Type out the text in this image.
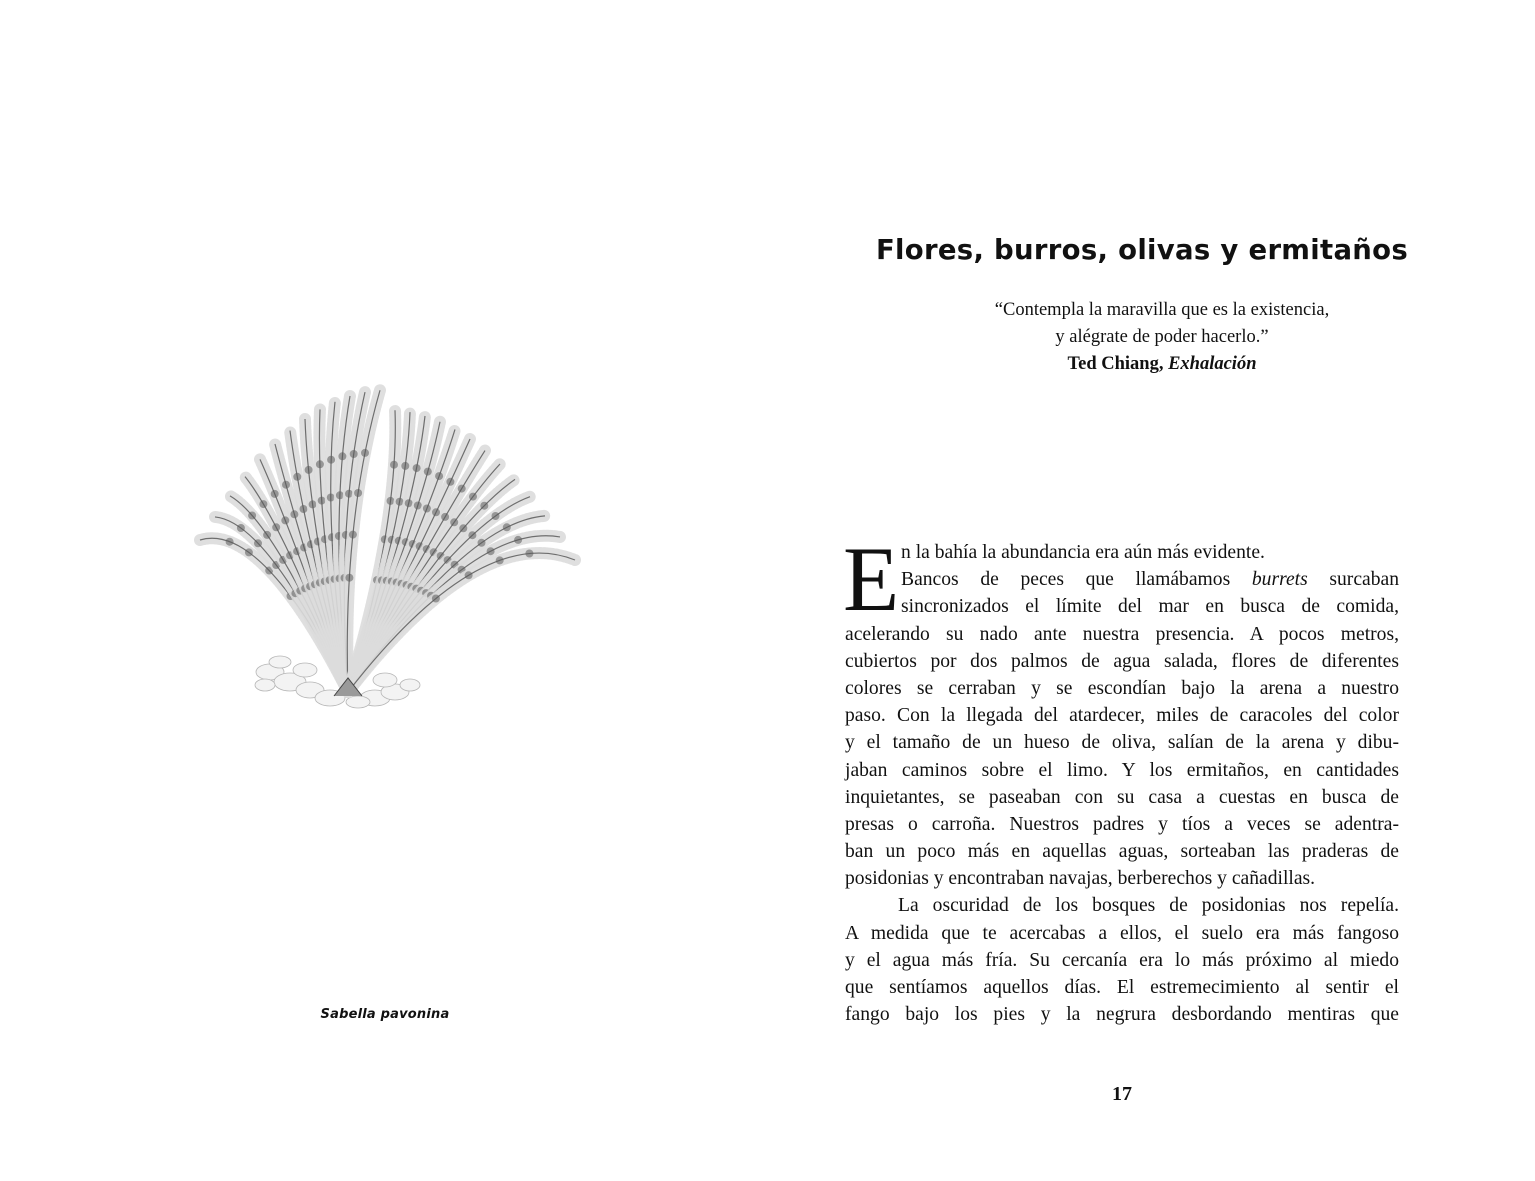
Sabella pavonina
Flores, burros, olivas y ermitaños
“Contempla la maravilla que es la existencia,
y alégrate de poder hacerlo.”
Ted Chiang, Exhalación
E n la bahía la abundancia era aún más evidente.
Bancos de peces que llamábamos burrets surcaban
sincronizados el límite del mar en busca de comida,
acelerando su nado ante nuestra presencia. A pocos metros,
cubiertos por dos palmos de agua salada, flores de diferentes
colores se cerraban y se escondían bajo la arena a nuestro
paso. Con la llegada del atardecer, miles de caracoles del color
y el tamaño de un hueso de oliva, salían de la arena y dibu-
jaban caminos sobre el limo. Y los ermitaños, en cantidades
inquietantes, se paseaban con su casa a cuestas en busca de
presas o carroña. Nuestros padres y tíos a veces se adentra-
ban un poco más en aquellas aguas, sorteaban las praderas de
posidonias y encontraban navajas, berberechos y cañadillas.
La oscuridad de los bosques de posidonias nos repelía.
A medida que te acercabas a ellos, el suelo era más fangoso
y el agua más fría. Su cercanía era lo más próximo al miedo
que sentíamos aquellos días. El estremecimiento al sentir el
fango bajo los pies y la negrura desbordando mentiras que
17
